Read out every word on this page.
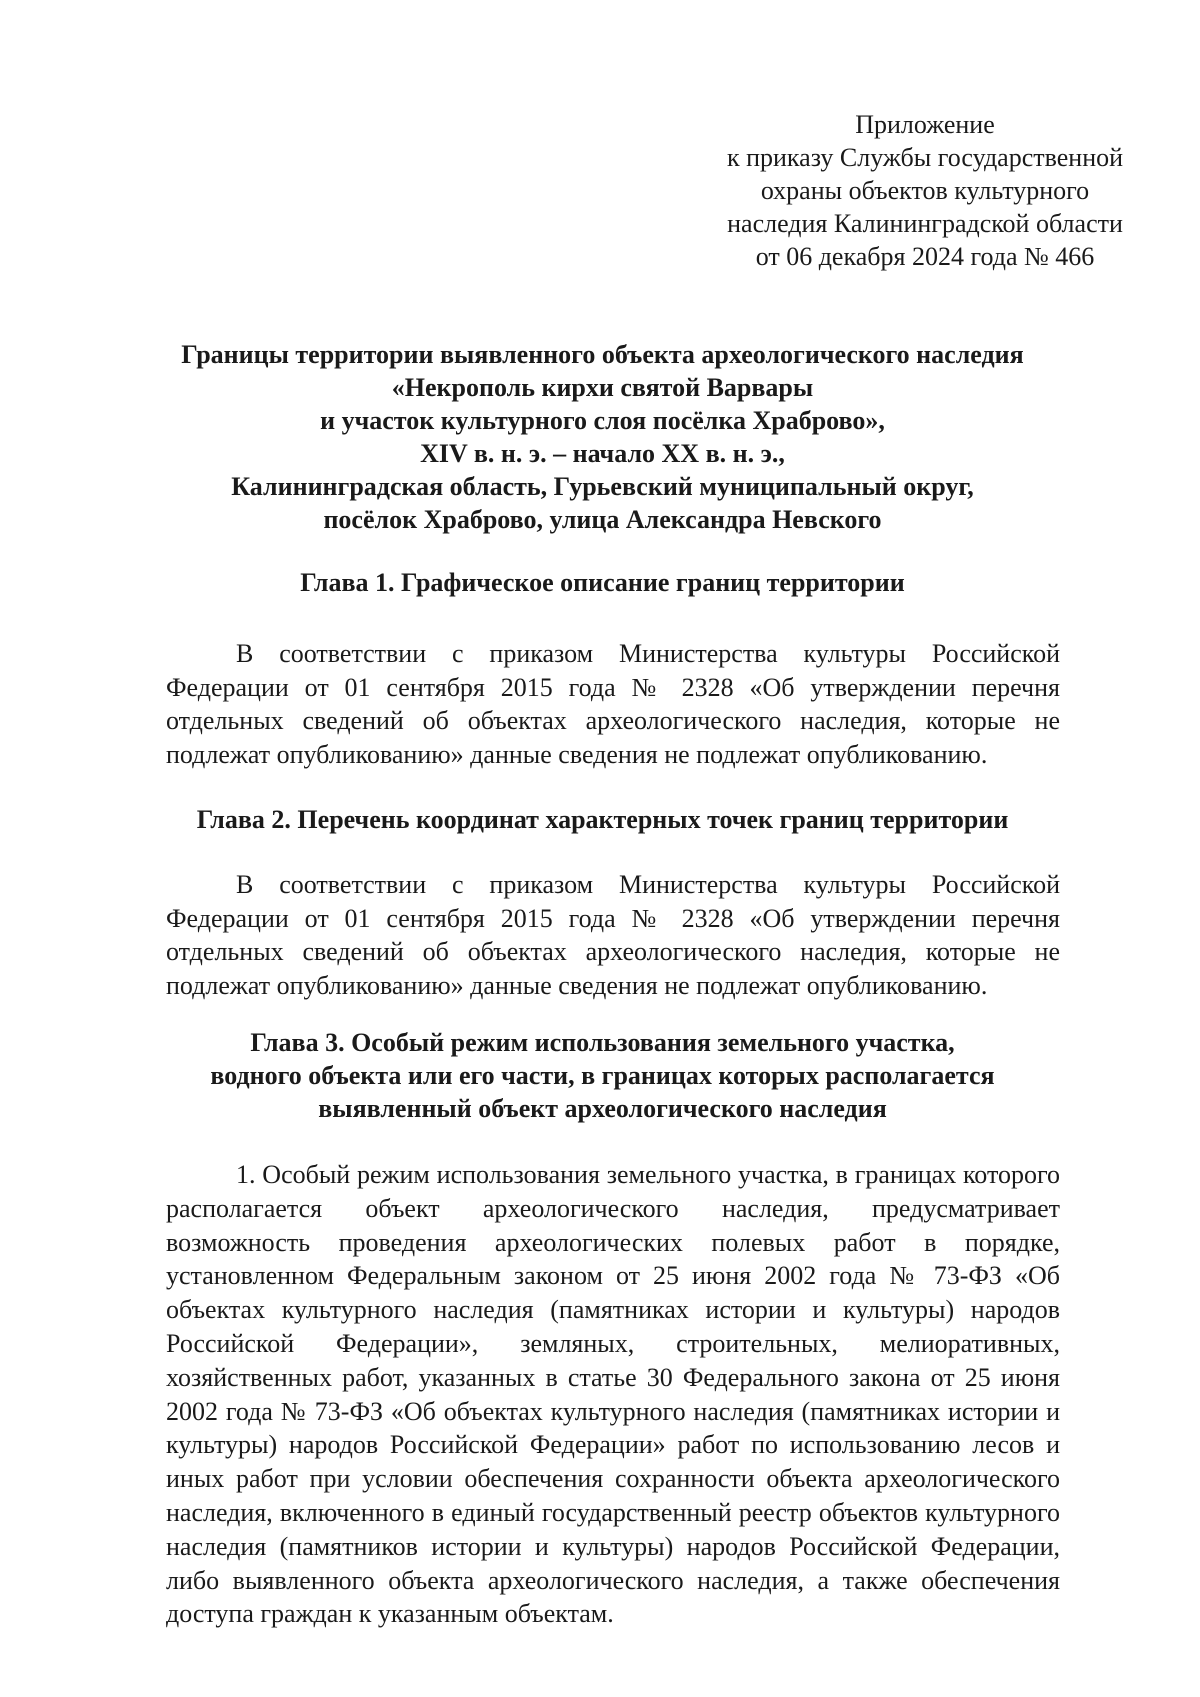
Приложение
к приказу Службы государственной
охраны объектов культурного
наследия Калининградской области
от 06 декабря 2024 года № 466
Границы территории выявленного объекта археологического наследия
«Некрополь кирхи святой Варвары
и участок культурного слоя посёлка Храброво»,
XIV в. н. э. – начало XX в. н. э.,
Калининградская область, Гурьевский муниципальный округ,
посёлок Храброво, улица Александра Невского
Глава 1. Графическое описание границ территории

В соответствии с приказом Министерства культуры Российской Федерации от 01 сентября 2015 года № 2328 «Об утверждении перечня отдельных сведений об объектах археологического наследия, которые не подлежат опубликованию» данные сведения не подлежат опубликованию.

Глава 2. Перечень координат характерных точек границ территории

В соответствии с приказом Министерства культуры Российской Федерации от 01 сентября 2015 года № 2328 «Об утверждении перечня отдельных сведений об объектах археологического наследия, которые не подлежат опубликованию» данные сведения не подлежат опубликованию.

Глава 3. Особый режим использования земельного участка,
водного объекта или его части, в границах которых располагается
выявленный объект археологического наследия

1. Особый режим использования земельного участка, в границах которого располагается объект археологического наследия, предусматривает возможность проведения археологических полевых работ в порядке, установленном Федеральным законом от 25 июня 2002 года № 73-ФЗ «Об объектах культурного наследия (памятниках истории и культуры) народов Российской Федерации», земляных, строительных, мелиоративных, хозяйственных работ, указанных в статье 30 Федерального закона от 25 июня 2002 года № 73-ФЗ «Об объектах культурного наследия (памятниках истории и культуры) народов Российской Федерации» работ по использованию лесов и иных работ при условии обеспечения сохранности объекта археологического наследия, включенного в единый государственный реестр объектов культурного наследия (памятников истории и культуры) народов Российской Федерации, либо выявленного объекта археологического наследия, а также обеспечения доступа граждан к указанным объектам.
